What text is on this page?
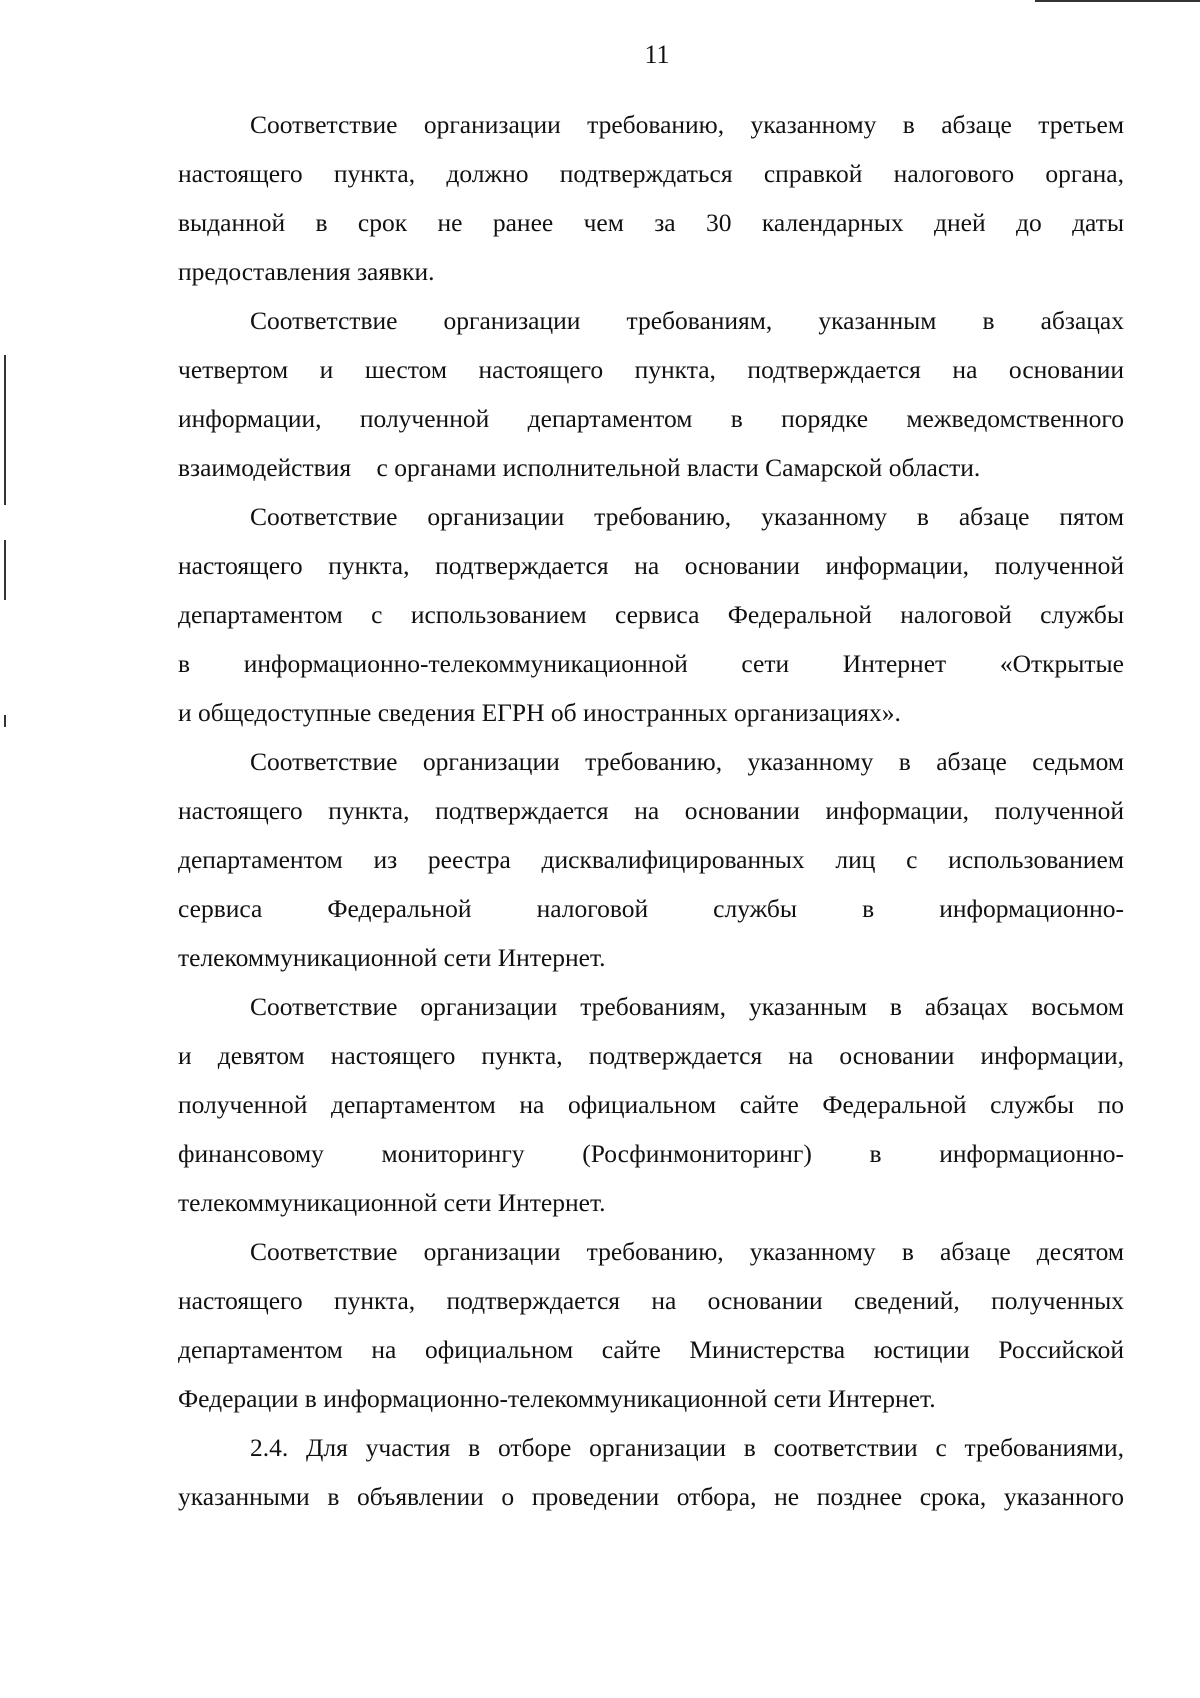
11
Соответствие организации требованию, указанному в абзаце третьем
настоящего пункта, должно подтверждаться справкой налогового органа,
выданной в срок не ранее чем за 30 календарных дней до даты
предоставления заявки.
Соответствие организации требованиям, указанным в абзацах
четвертом и шестом настоящего пункта, подтверждается на основании
информации, полученной департаментом в порядке межведомственного
взаимодействия    с органами исполнительной власти Самарской области.
Соответствие организации требованию, указанному в абзаце пятом
настоящего пункта, подтверждается на основании информации, полученной
департаментом с использованием сервиса Федеральной налоговой службы
в информационно-телекоммуникационной сети Интернет «Открытые
и общедоступные сведения ЕГРН об иностранных организациях».
Соответствие организации требованию, указанному в абзаце седьмом
настоящего пункта, подтверждается на основании информации, полученной
департаментом из реестра дисквалифицированных лиц с использованием
сервиса Федеральной налоговой службы в информационно-
телекоммуникационной сети Интернет.
Соответствие организации требованиям, указанным в абзацах восьмом
и девятом настоящего пункта, подтверждается на основании информации,
полученной департаментом на официальном сайте Федеральной службы по
финансовому мониторингу (Росфинмониторинг) в информационно-
телекоммуникационной сети Интернет.
Соответствие организации требованию, указанному в абзаце десятом
настоящего пункта, подтверждается на основании сведений, полученных
департаментом на официальном сайте Министерства юстиции Российской
Федерации в информационно-телекоммуникационной сети Интернет.
2.4. Для участия в отборе организации в соответствии с требованиями,
указанными в объявлении о проведении отбора, не позднее срока, указанного
